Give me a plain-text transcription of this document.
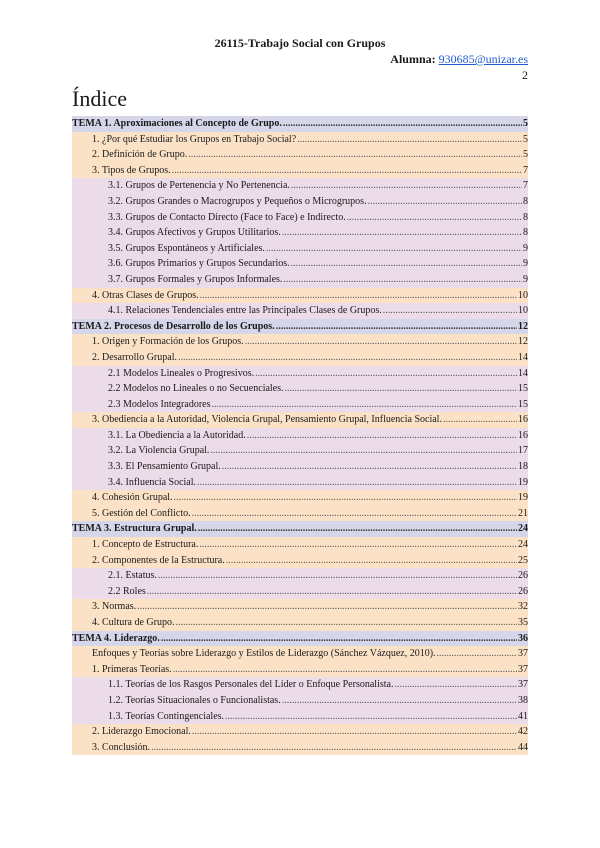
26115-Trabajo Social con Grupos
Alumna: 930685@unizar.es
2
Índice
TEMA 1. Aproximaciones al Concepto de Grupo. .....	5
1. ¿Por qué Estudiar los Grupos en Trabajo Social? .....	5
2. Definición de Grupo. .....	5
3. Tipos de Grupos. .....	7
3.1. Grupos de Pertenencia y No Pertenencia. .....	7
3.2. Grupos Grandes o Macrogrupos y Pequeños o Microgrupos. .....	8
3.3. Grupos de Contacto Directo (Face to Face) e Indirecto. .....	8
3.4. Grupos Afectivos y Grupos Utilitarios. .....	8
3.5. Grupos Espontáneos y Artificiales. .....	9
3.6. Grupos Primarios y Grupos Secundarios. .....	9
3.7. Grupos Formales y Grupos Informales. .....	9
4. Otras Clases de Grupos. .....	10
4.1. Relaciones Tendenciales entre las Principales Clases de Grupos. .....	10
TEMA 2. Procesos de Desarrollo de los Grupos. .....	12
1. Origen y Formación de los Grupos. .....	12
2. Desarrollo Grupal. .....	14
2.1 Modelos Lineales o Progresivos. .....	14
2.2 Modelos no Lineales o no Secuenciales. .....	15
2.3 Modelos Integradores .....	15
3. Obediencia a la Autoridad, Violencia Grupal, Pensamiento Grupal, Influencia Social. .....	16
3.1. La Obediencia a la Autoridad. .....	16
3.2. La Violencia Grupal. .....	17
3.3. El Pensamiento Grupal. .....	18
3.4. Influencia Social. .....	19
4. Cohesión Grupal. .....	19
5. Gestión del Conflicto. .....	21
TEMA 3. Estructura Grupal. .....	24
1. Concepto de Estructura. .....	24
2. Componentes de la Estructura. .....	25
2.1. Estatus. .....	26
2.2 Roles .....	26
3. Normas. .....	32
4. Cultura de Grupo. .....	35
TEMA 4. Liderazgo. .....	36
Enfoques y Teorías sobre Liderazgo y Estilos de Liderazgo (Sánchez Vázquez, 2010). .....	37
1. Primeras Teorías. .....	37
1.1. Teorías de los Rasgos Personales del Líder o Enfoque Personalista. .....	37
1.2. Teorías Situacionales o Funcionalistas. .....	38
1.3. Teorías Contingenciales. .....	41
2. Liderazgo Emocional. .....	42
3. Conclusión. .....	44
